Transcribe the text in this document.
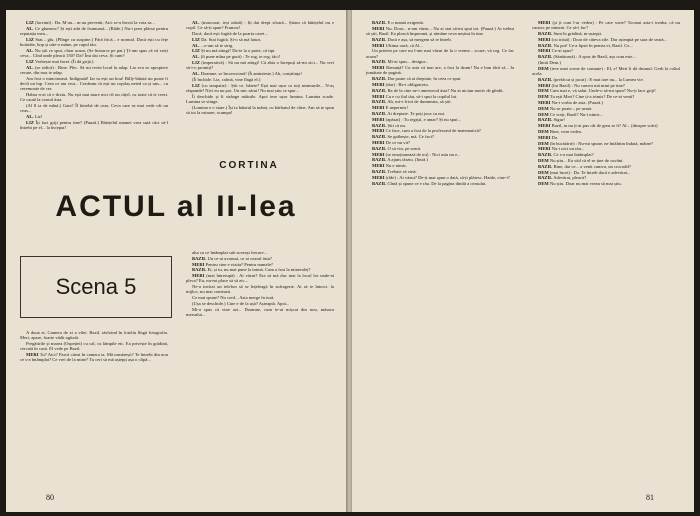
LIZ (lacrimi) : Da. M-au... m-au prevenit, Aici se-a învoit la voia sa...

AL. Ce glumesc? Și ești atât de frumoasă... (Râde.) Nu-i prea plăcut pentru reputația mea...

LIZ Stai... gîu. (Plînge cu suspine.) Fără frică... e normal. Dacă ești cu fețe hotărâte, hop și uite-o mâne, pe capul tău.

AL. Nu știi ce spui, chiar acum. (Se întoarce pe pat.) Ți-am spus că vă vreți ceva... Cînd unde pleacă 150? Da? Îmi dai ceva. Și cum?

LIZ Vorbește mai încet. (Îi dă grijă.)

AL. (se ridică) : Bine. Plec. Să mi revin locul la adap. Liz eva se apropiere cerute, din nou te adap.

Am fost o mincinoasă. Indignată! Iar tu ești un bou! Billy-băiată nu poate fi decît un lup. Ceea ce am vrut... Cerdeam că ești un copilaș neted ca și uns... cu ceremonie de cer.

Habar n-ai că e tîrziu. Nu ești mai mare nici cît un cățel, cu toate că te crezi. Ce caută la ceasul ăsta.

(Al îl ia de mînă.) Gata? Îl întrebă de ceas. Ceva care se mai vede cât un ceas...

AL. Liz!

LIZ Îți faci griji pentru tine? (Pauză.) Băiețelul mamei vrea sută căci să-l întrebi pe el... la început!

AL. (mascurat, ieși odată) : Iți dai drept sfoară... Știam că băiețelul nu e copil. Ce să-ți spun? Frumos!

Dacă, dacă ești fugită de la poarta casei...

LIZ Da. Stai fugită. Și-o să mă laturi.

AL. ...o-am să te strig.

LIZ Și nu mă atingi? Da-te la o parte, că tipi.

AL. (îi pune mîna pe gură) : Te rog, te rog, tăci!

LIZ (imperativă) : Să nu mă atingi! Că abia o începuți să-mi zici... Nu vrei să-i-o promiți?

AL. Doamne, se înconvoiară! (Îi aminteste.) Ah, conștiința!

(Îi închide. Liz, calmă, vine lîngă el.)

LIZ (cu simpatie) : Știi ce, băiete? Ești mai ușor ca toți neamurile... N-aș răspunde! Nici eu nu pot. Un mic sărut! Nu mai știu ce spui...

Îi deschide și îi strânge mâinile. Apoi iese ușor lumina. Lumina scade. Lumina se stinge.

(Lumina e o stare.) Își ia băiatul la mână, cu bărbatul de cîine. Am să te spun să tot la ruinare, scumpa!

CORTINA
ACTUL al II-lea
Scena 5

A doua zi. Camera de zi a vilei. Bazil, răsfoind în fotoliu lîngă fotografia. Meri, apare, foarte vădit agitată.

Pregătirile și marea (Ospeției) cu cal, cu lămpile etc. Ea privește în grădină, cercată în casă. El vede pe Bazil.

MERI Tu? Aici? Parcă citeai în camera ta. Mă urmărești? Te întrebi din nou ce s-a întâmplat? Ce vrei de la mine? Tu ceri să mă aștepți așa o clipă...

alta cu ce întâmplat sub aceeași frecare...

BAZIL Un ce-ai avansat, ce ai ceasul ăsta?

MERI Pentru cine e vizita? Pentru numele?

BAZIL Ei, și tu, nu mai pune la inimă. Cum a fost la mineruleț?

MERI (mai întrerupă) : Ai văzut? Era să mă duc mai la locul lor unde-ai pleca? Eu, nu-mi place să să zic...

Ne-a invitat un telefon să se înțeleagă în sufragerie. Ai să te întorci, la mijloc, nu mai contează.

Ce mai spune? Nu cred... Asta merge în tură.

(Ușa se deschide.) Cine e de la ușă? Așteaptă. Apoi...

Mi-a spus că vine azi... Doamne, cum te-ai mișcat din nou, măsura mersului...

80

BAZIL E o mamă exigentă.

MERI Nu. Doar... n-am văzut... Nu ai stat să-mi spui tot. (Pauză.) Ar trebui să știi, Bazil. Ea pleacă împreună, și rămâne ceva neștiut în tine.

BAZIL Dacă e așa, să mergem să te întreb.

MERI Ultima oară, că Al...

Un prieten pe care nu l-am mai văzut de la o vreme... scuze, vă rog. Ce fac acum?

BAZIL Mi-ai spus... desigur...

MERI Renunță? Cu asta vă mai are, a fost la drum! Nu e bun fără să... Ia jumătate de pagină.

BAZIL Dar poate că ai dreptate, în ceea ce spui.

MERI (dur) : Ba-i obligatoriu.

BAZIL Ba de la cine ne-i amestecul ăsta? Nu ai niciun motiv de gîndit.

MERI Cu e cu fiul tău, să-i spui la copilul lui.

BAZIL Ah, mi-e frică de dumneata, să știi.

MERI E nepermis!

BAZIL Ai dreptate. Te poți juca cu noi.

MERI (apăsat) : Tu regiști, e amar? Și nu spui...

BAZIL Știi că nu.

MERI Ce face, cum a fost de la profesorul de matematică?

BAZIL Se grăbește, mă. Ce faci?

MERI De ce nu vii?

BAZIL O să vin, pe seară.

MERI (se emoționează de tot) : Nici asta nu e...

BAZIL A ajuns târziu. (Intră.)

MERI Nu e nimic.

BAZIL Trebuie să vină.

MERI (rîde) : Ai văzut? De-ți mai spun o dată, să-ți plătesc. Haide, cine-i?

BAZIL Cîntă și spune ce e rău. De la pagina dintâi a ceasului.

MERI (și ți cum l-ar vedea) : Pe care sorte? Tocmai asta-i treaba, că nu cunosc pe nimeni. Ce să-i fac?

BAZIL Sunt în grădină, m-aștepți.

MERI (cu tristă) : Doar de câteva zile. Dar așteaptă pe sara de seară...

BAZIL Nu pot! Ce-a lipsit în pensia ei, Bazil. Ce...

MERI Ce-ai spus?

BAZIL (Sănătoasă) : A spus de Bazil, așa cum este...

(Intră Dem.)

DEM (iese unei scene de comune) : El, e! Meri îi dă drumul. Gerb la coltul acela.

BAZIL (prefăcut și jucat) : E mai tare nu... la Lumea vie.

MERI (lui Bazil) : Nu cumva mă mint pe tine?

DEM Cum mai e, vă salut. Unde-o să-mi spun? Nu-ți face griji!

DEM Tu ești Meri? Cine ți-a trimis? De ce-ai venit?

MERI Nu-i vorba de asta. (Pauză.)

DEM Nu se poate... pe urmă.

DEM Ce vreți, Bazil? Nu-i nimic...

BAZIL Sigur!

MERI Bazil, tu nu ți-ai pus cât de greu ar fi? Al... (dinspre scări)

DEM Bine, vom vedea.

MERI Da.

DEM (în bucătărie) : Nu-mi spune, ne întâlnim îndată, mâine?

MERI Nu-i nici un rău...

BAZIL Ce s-a mai întâmplat?

DEM Nu știu... Eu văd că el se ține de cuvânt.

BAZIL Bine, dar ce... a venit cumva, un crocodil?

DEM (mai încet) : Da. Te întreb dacă e adevărat...

BAZIL Adevărat, pleacă?

DEM Nu știu. Doar nu mai vreau să mai știu.

81
